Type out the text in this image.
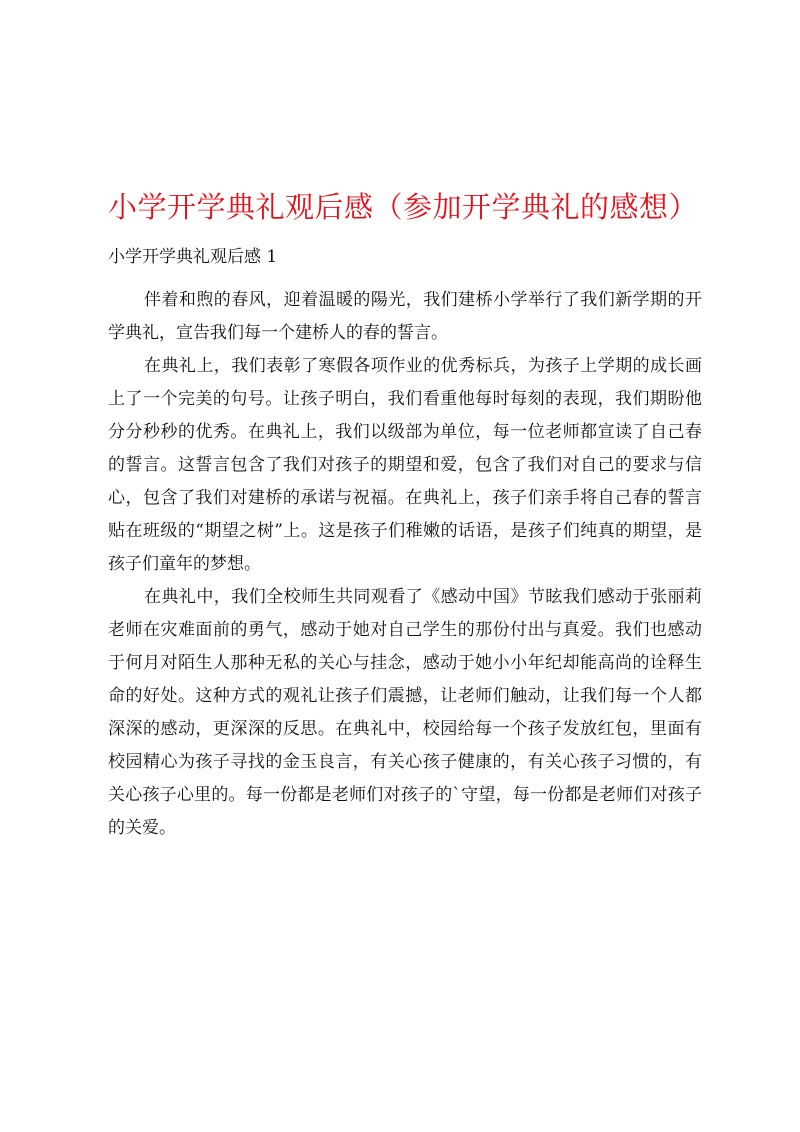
小学开学典礼观后感（参加开学典礼的感想）
小学开学典礼观后感 1

伴着和煦的春风，迎着温暖的陽光，我们建桥小学举行了我们新学期的开学典礼，宣告我们每一个建桥人的春的誓言。

在典礼上，我们表彰了寒假各项作业的优秀标兵，为孩子上学期的成长画上了一个完美的句号。让孩子明白，我们看重他每时每刻的表现，我们期盼他分分秒秒的优秀。在典礼上，我们以级部为单位，每一位老师都宣读了自己春的誓言。这誓言包含了我们对孩子的期望和爱，包含了我们对自己的要求与信心，包含了我们对建桥的承诺与祝福。在典礼上，孩子们亲手将自己春的誓言贴在班级的“期望之树”上。这是孩子们稚嫩的话语，是孩子们纯真的期望，是孩子们童年的梦想。

在典礼中，我们全校师生共同观看了《感动中国》节眩我们感动于张丽莉老师在灾难面前的勇气，感动于她对自己学生的那份付出与真爱。我们也感动于何月对陌生人那种无私的关心与挂念，感动于她小小年纪却能高尚的诠释生命的好处。这种方式的观礼让孩子们震撼，让老师们触动，让我们每一个人都深深的感动，更深深的反思。在典礼中，校园给每一个孩子发放红包，里面有校园精心为孩子寻找的金玉良言，有关心孩子健康的，有关心孩子习惯的，有关心孩子心里的。每一份都是老师们对孩子的`守望，每一份都是老师们对孩子的关爱。
